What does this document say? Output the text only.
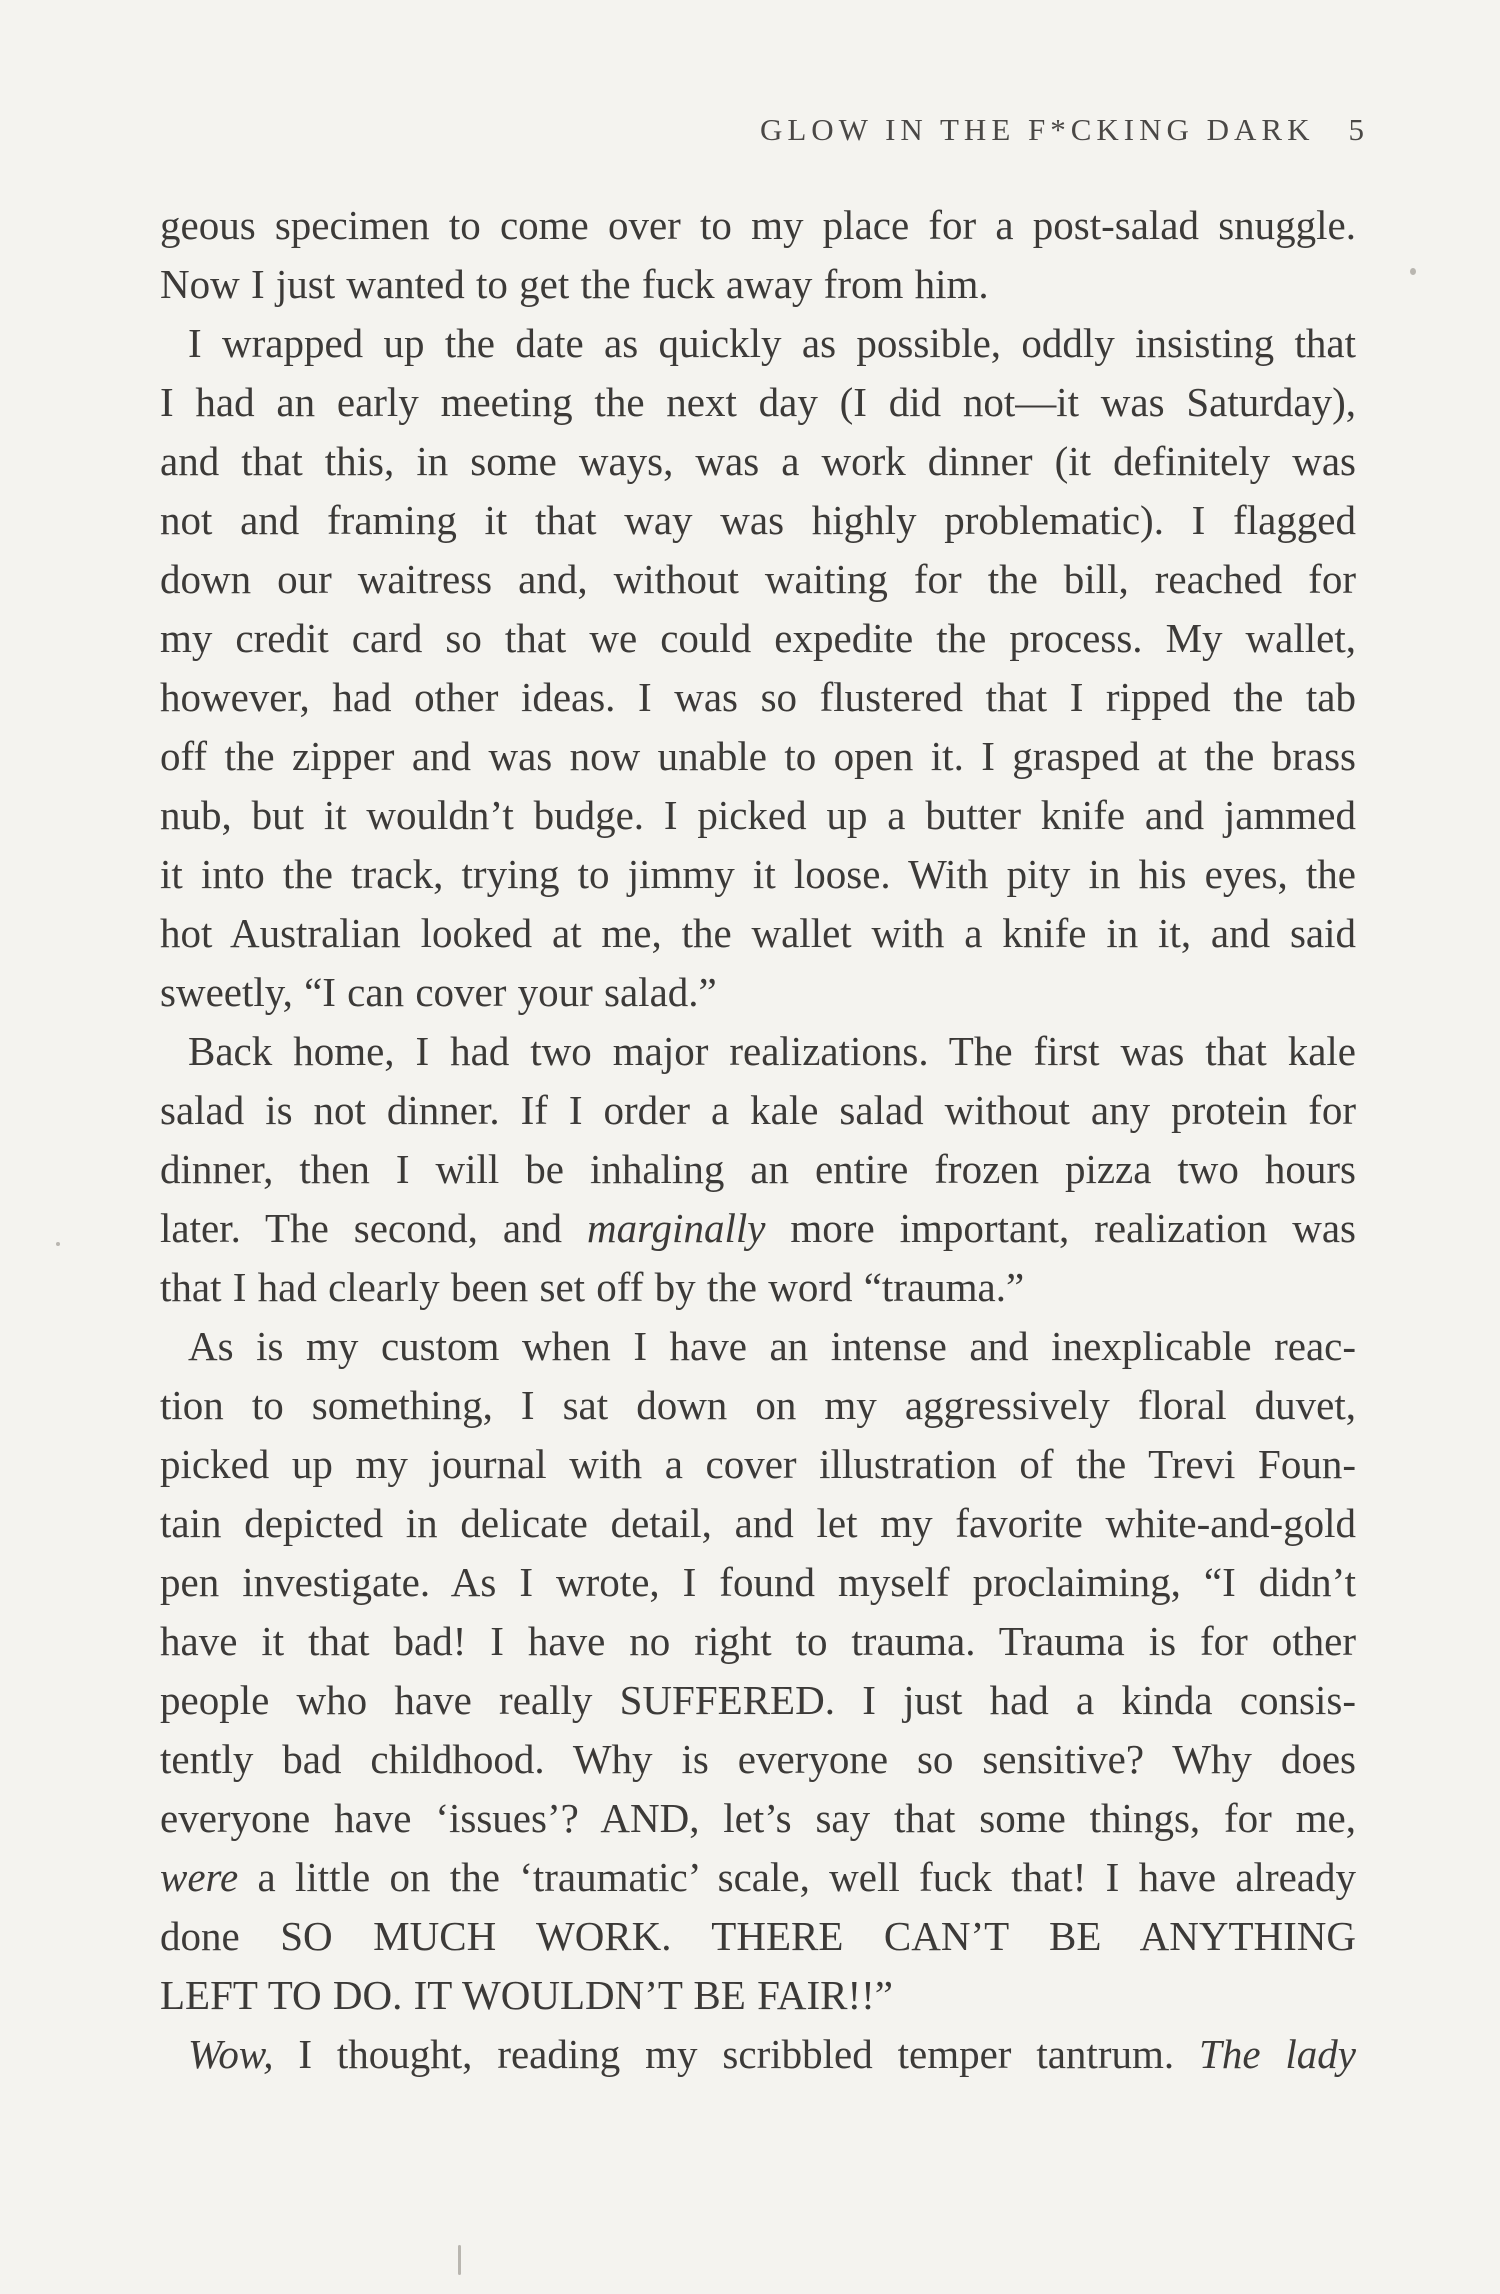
GLOW IN THE F*CKING DARK 5
geous specimen to come over to my place for a post-salad snuggle.
Now I just wanted to get the fuck away from him.
I wrapped up the date as quickly as possible, oddly insisting that
I had an early meeting the next day (I did not—it was Saturday),
and that this, in some ways, was a work dinner (it definitely was
not and framing it that way was highly problematic). I flagged
down our waitress and, without waiting for the bill, reached for
my credit card so that we could expedite the process. My wallet,
however, had other ideas. I was so flustered that I ripped the tab
off the zipper and was now unable to open it. I grasped at the brass
nub, but it wouldn’t budge. I picked up a butter knife and jammed
it into the track, trying to jimmy it loose. With pity in his eyes, the
hot Australian looked at me, the wallet with a knife in it, and said
sweetly, “I can cover your salad.”
Back home, I had two major realizations. The first was that kale
salad is not dinner. If I order a kale salad without any protein for
dinner, then I will be inhaling an entire frozen pizza two hours
later. The second, and marginally more important, realization was
that I had clearly been set off by the word “trauma.”
As is my custom when I have an intense and inexplicable reac-
tion to something, I sat down on my aggressively floral duvet,
picked up my journal with a cover illustration of the Trevi Foun-
tain depicted in delicate detail, and let my favorite white-and-gold
pen investigate. As I wrote, I found myself proclaiming, “I didn’t
have it that bad! I have no right to trauma. Trauma is for other
people who have really SUFFERED. I just had a kinda consis-
tently bad childhood. Why is everyone so sensitive? Why does
everyone have ‘issues’? AND, let’s say that some things, for me,
were a little on the ‘traumatic’ scale, well fuck that! I have already
done SO MUCH WORK. THERE CAN’T BE ANYTHING
LEFT TO DO. IT WOULDN’T BE FAIR!!”
Wow, I thought, reading my scribbled temper tantrum. The lady
